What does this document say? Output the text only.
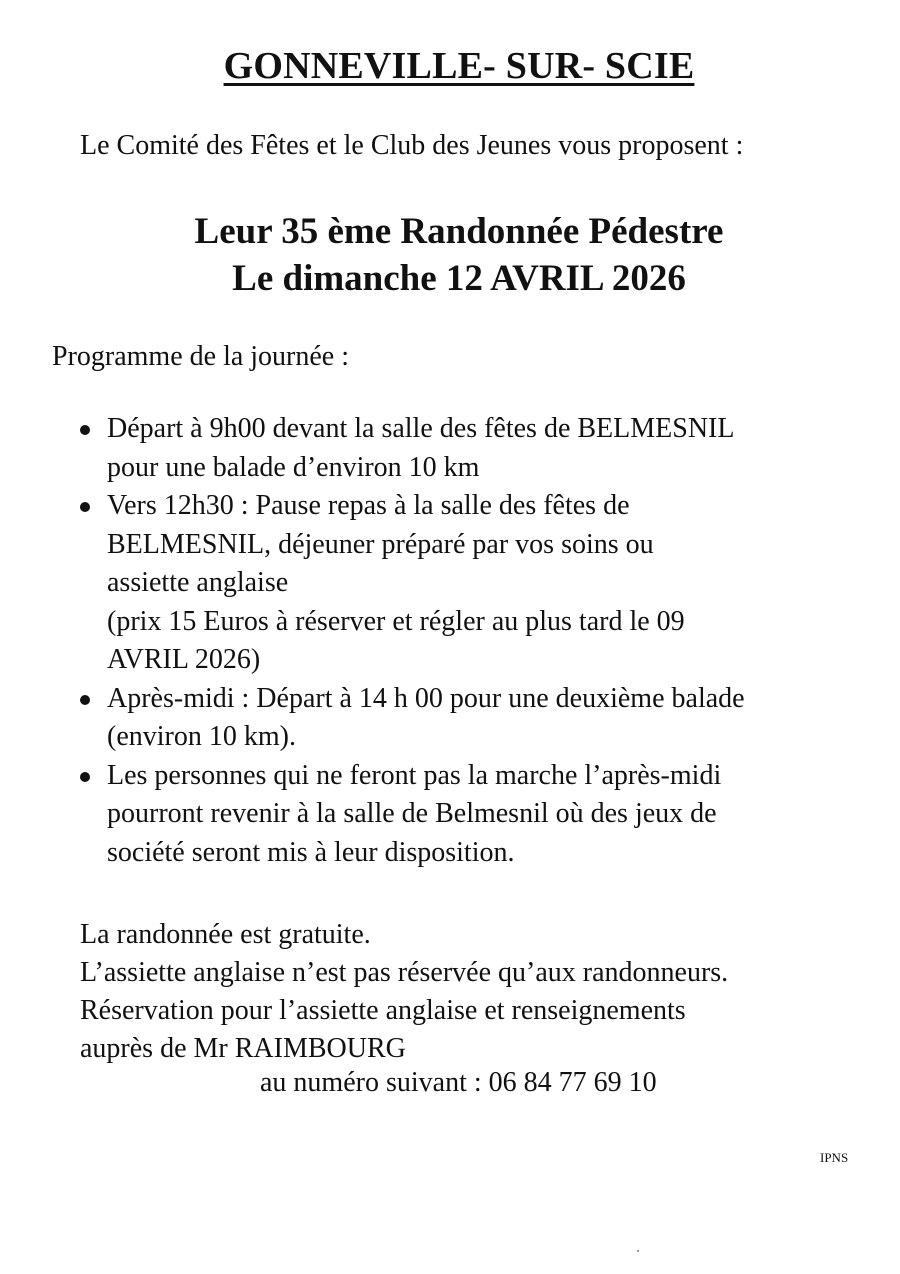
GONNEVILLE- SUR- SCIE
Le Comité des Fêtes et le Club des Jeunes vous proposent :
Leur 35 ème Randonnée Pédestre
Le dimanche 12 AVRIL 2026
Programme de la journée :
Départ à 9h00 devant la salle des fêtes de BELMESNIL
pour une balade d’environ 10 km
Vers 12h30 : Pause repas à la salle des fêtes de
BELMESNIL, déjeuner préparé par vos soins ou
assiette anglaise
(prix 15 Euros à réserver et régler au plus tard le 09
AVRIL 2026)
Après-midi : Départ à 14 h 00 pour une deuxième balade
(environ 10 km).
Les personnes qui ne feront pas la marche l’après-midi
pourront revenir à la salle de Belmesnil où des jeux de
société seront mis à leur disposition.
La randonnée est gratuite.
L’assiette anglaise n’est pas réservée qu’aux randonneurs.
Réservation pour l’assiette anglaise et renseignements
auprès de Mr RAIMBOURG
au numéro suivant : 06 84 77 69 10
IPNS
